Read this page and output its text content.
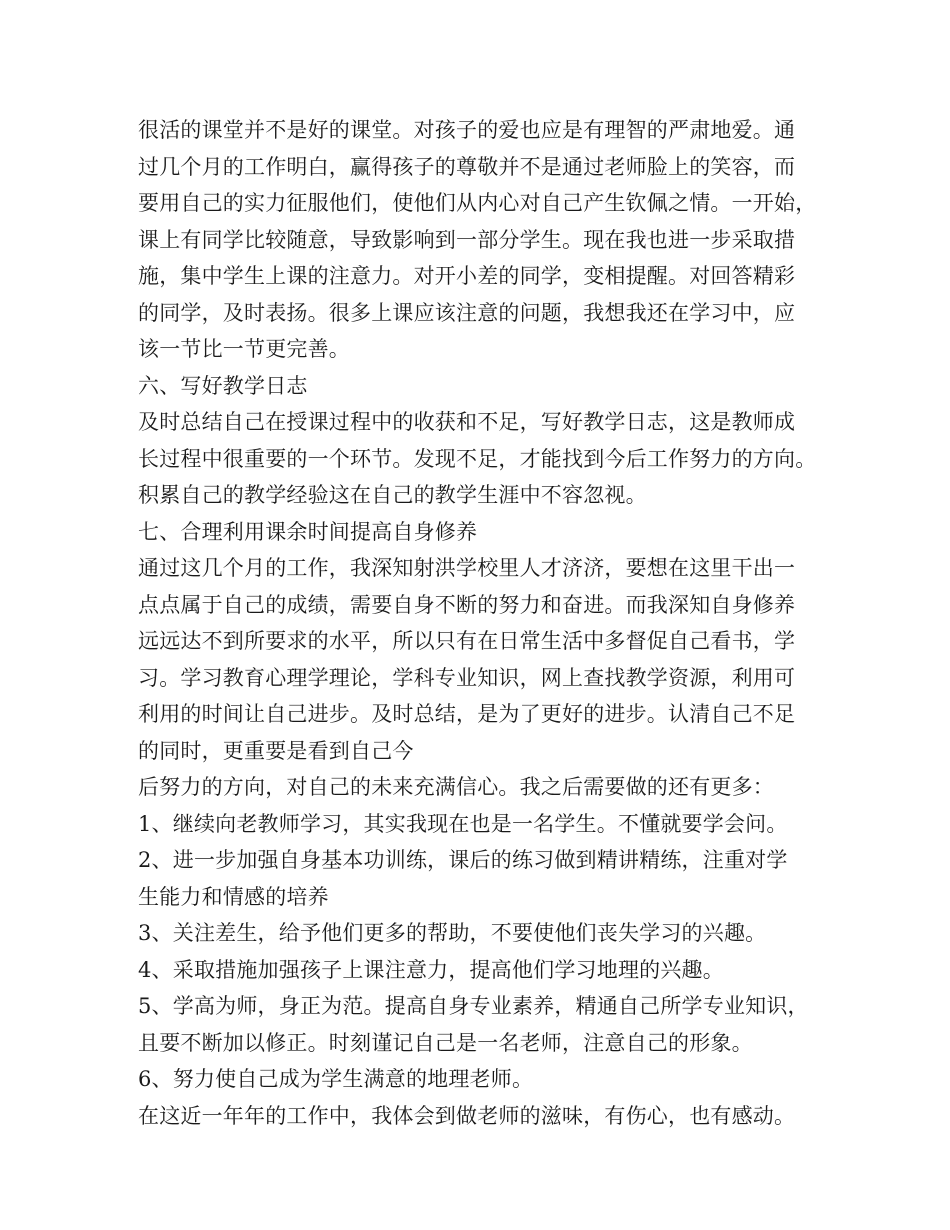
很活的课堂并不是好的课堂。对孩子的爱也应是有理智的严肃地爱。通
过几个月的工作明白，赢得孩子的尊敬并不是通过老师脸上的笑容，而
要用自己的实力征服他们，使他们从内心对自己产生钦佩之情。一开始，
课上有同学比较随意，导致影响到一部分学生。现在我也进一步采取措
施，集中学生上课的注意力。对开小差的同学，变相提醒。对回答精彩
的同学，及时表扬。很多上课应该注意的问题，我想我还在学习中，应
该一节比一节更完善。
六、写好教学日志
及时总结自己在授课过程中的收获和不足，写好教学日志，这是教师成
长过程中很重要的一个环节。发现不足，才能找到今后工作努力的方向。
积累自己的教学经验这在自己的教学生涯中不容忽视。
七、合理利用课余时间提高自身修养
通过这几个月的工作，我深知射洪学校里人才济济，要想在这里干出一
点点属于自己的成绩，需要自身不断的努力和奋进。而我深知自身修养
远远达不到所要求的水平，所以只有在日常生活中多督促自己看书，学
习。学习教育心理学理论，学科专业知识，网上查找教学资源，利用可
利用的时间让自己进步。及时总结，是为了更好的进步。认清自己不足
的同时，更重要是看到自己今
后努力的方向，对自己的未来充满信心。我之后需要做的还有更多：
1、继续向老教师学习，其实我现在也是一名学生。不懂就要学会问。
2、进一步加强自身基本功训练，课后的练习做到精讲精练，注重对学
生能力和情感的培养
3、关注差生，给予他们更多的帮助，不要使他们丧失学习的兴趣。
4、采取措施加强孩子上课注意力，提高他们学习地理的兴趣。
5、学高为师，身正为范。提高自身专业素养，精通自己所学专业知识，
且要不断加以修正。时刻谨记自己是一名老师，注意自己的形象。
6、努力使自己成为学生满意的地理老师。
在这近一年年的工作中，我体会到做老师的滋味，有伤心，也有感动。
